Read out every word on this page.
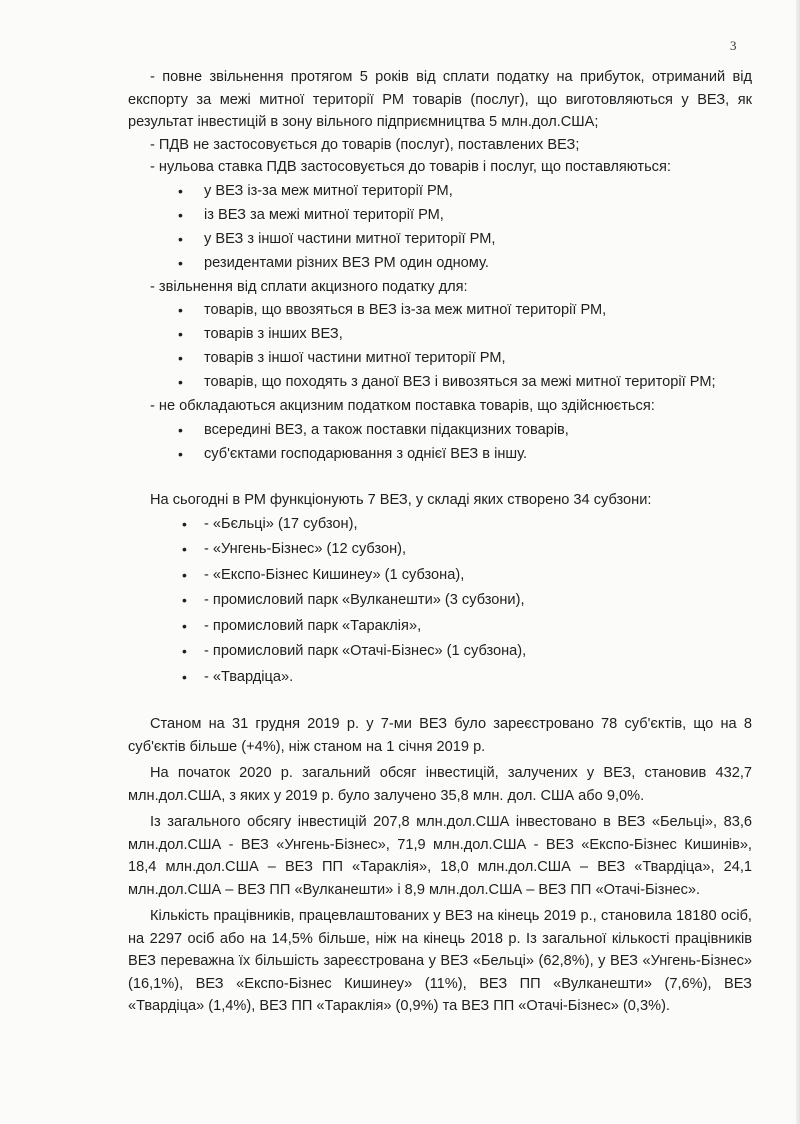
3

- повне звільнення протягом 5 років від сплати податку на прибуток, отриманий від експорту за межі митної території РМ товарів (послуг), що виготовляються у ВЕЗ, як результат інвестицій в зону вільного підприємництва 5 млн.дол.США;

- ПДВ не застосовується до товарів (послуг), поставлених ВЕЗ;

- нульова ставка ПДВ застосовується до товарів і послуг, що поставляються:

• у ВЕЗ із-за меж митної території РМ,
• із ВЕЗ за межі митної території РМ,
• у ВЕЗ з іншої частини митної території РМ,
• резидентами різних ВЕЗ РМ один одному.

- звільнення від сплати акцизного податку для:

• товарів, що ввозяться в ВЕЗ із-за меж митної території РМ,
• товарів з інших ВЕЗ,
• товарів з іншої частини митної території РМ,
• товарів, що походять з даної ВЕЗ і вивозяться за межі митної території РМ;

- не обкладаються акцизним податком поставка товарів, що здійснюється:

• всередині ВЕЗ, а також поставки підакцизних товарів,
• суб'єктами господарювання з однієї ВЕЗ в іншу.

На сьогодні в РМ функціонують 7 ВЕЗ, у складі яких створено 34 субзони:

• - «Бєльці» (17 субзон),
• - «Унгень-Бізнес» (12 субзон),
• - «Експо-Бізнес Кишинеу» (1 субзона),
• - промисловий парк «Вулканешти» (3 субзони),
• - промисловий парк «Тараклія»,
• - промисловий парк «Отачі-Бізнес» (1 субзона),
• - «Твардіца».

Станом на 31 грудня 2019 р. у 7-ми ВЕЗ було зареєстровано 78 суб'єктів, що на 8 суб'єктів більше (+4%), ніж станом на 1 січня 2019 р.

На початок 2020 р. загальний обсяг інвестицій, залучених у ВЕЗ, становив 432,7 млн.дол.США, з яких у 2019 р. було залучено 35,8 млн. дол. США або 9,0%.

Із загального обсягу інвестицій 207,8 млн.дол.США інвестовано в ВЕЗ «Бельці», 83,6 млн.дол.США - ВЕЗ «Унгень-Бізнес», 71,9 млн.дол.США - ВЕЗ «Експо-Бізнес Кишинів», 18,4 млн.дол.США – ВЕЗ ПП «Тараклія», 18,0 млн.дол.США – ВЕЗ «Твардіца», 24,1 млн.дол.США – ВЕЗ ПП «Вулканешти» і 8,9 млн.дол.США – ВЕЗ ПП «Отачі-Бізнес».

Кількість працівників, працевлаштованих у ВЕЗ на кінець 2019 р., становила 18180 осіб, на 2297 осіб або на 14,5% більше, ніж на кінець 2018 р. Із загальної кількості працівників ВЕЗ переважна їх більшість зареєстрована у ВЕЗ «Бельці» (62,8%), у ВЕЗ «Унгень-Бізнес» (16,1%), ВЕЗ «Експо-Бізнес Кишинеу» (11%), ВЕЗ ПП «Вулканешти» (7,6%), ВЕЗ «Твардіца» (1,4%), ВЕЗ ПП «Тараклія» (0,9%) та ВЕЗ ПП «Отачі-Бізнес» (0,3%).
